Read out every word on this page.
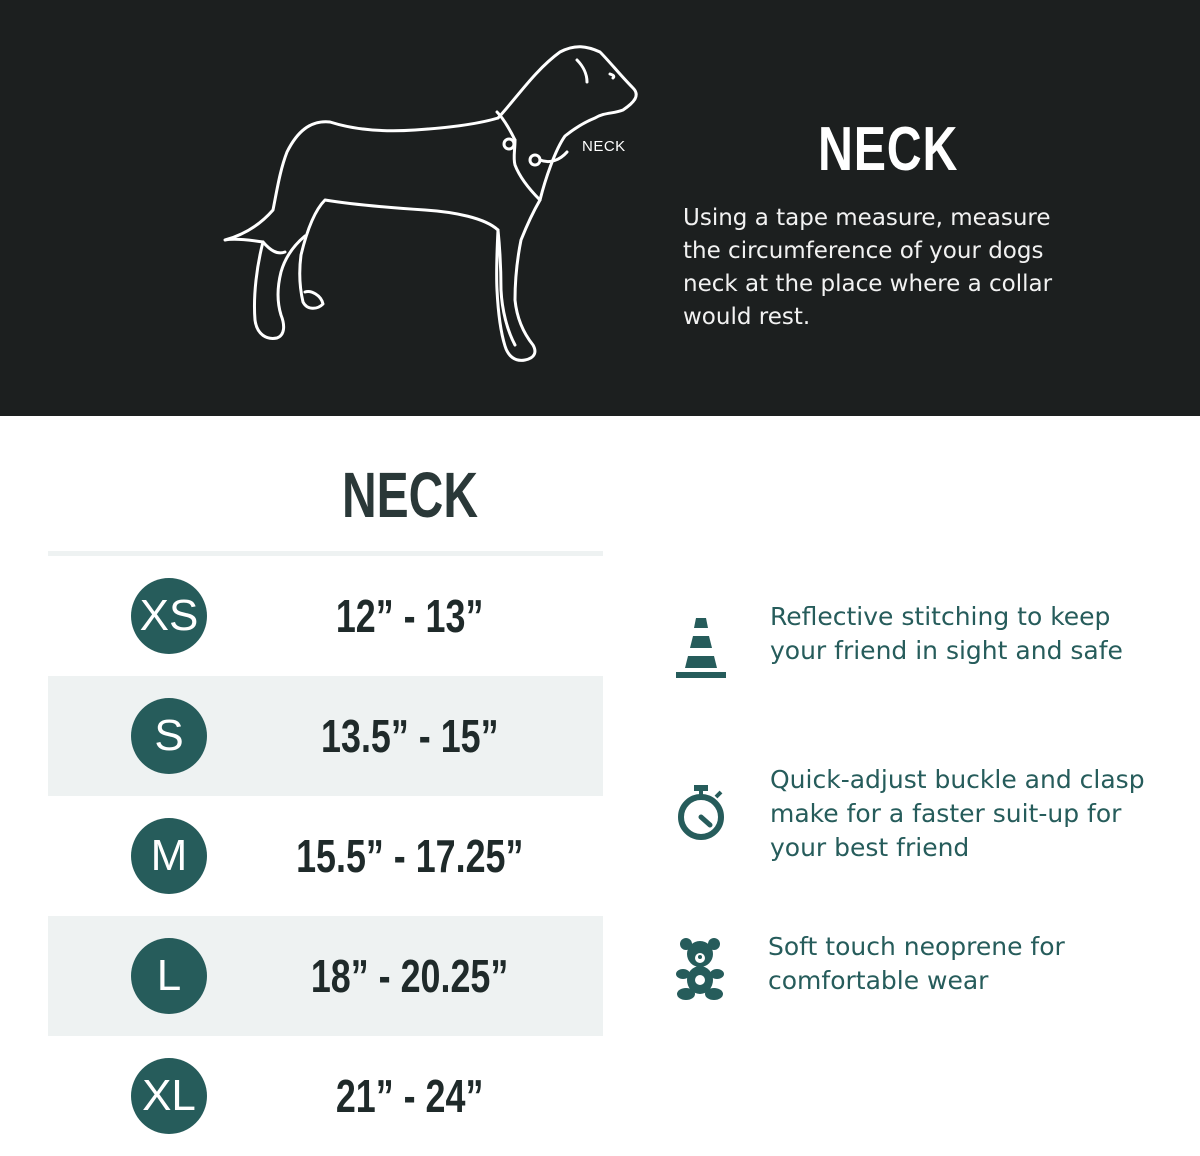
NECK	NECK
Using a tape measure, measure the circumference of your dogs neck at the place where a collar would rest.
NECK
XS	12” - 13”
S	13.5” - 15”
M	15.5” - 17.25”
L	18” - 20.25”
XL	21” - 24”
Reflective stitching to keep your friend in sight and safe
Quick-adjust buckle and clasp make for a faster suit-up for your best friend
Soft touch neoprene for comfortable wear
